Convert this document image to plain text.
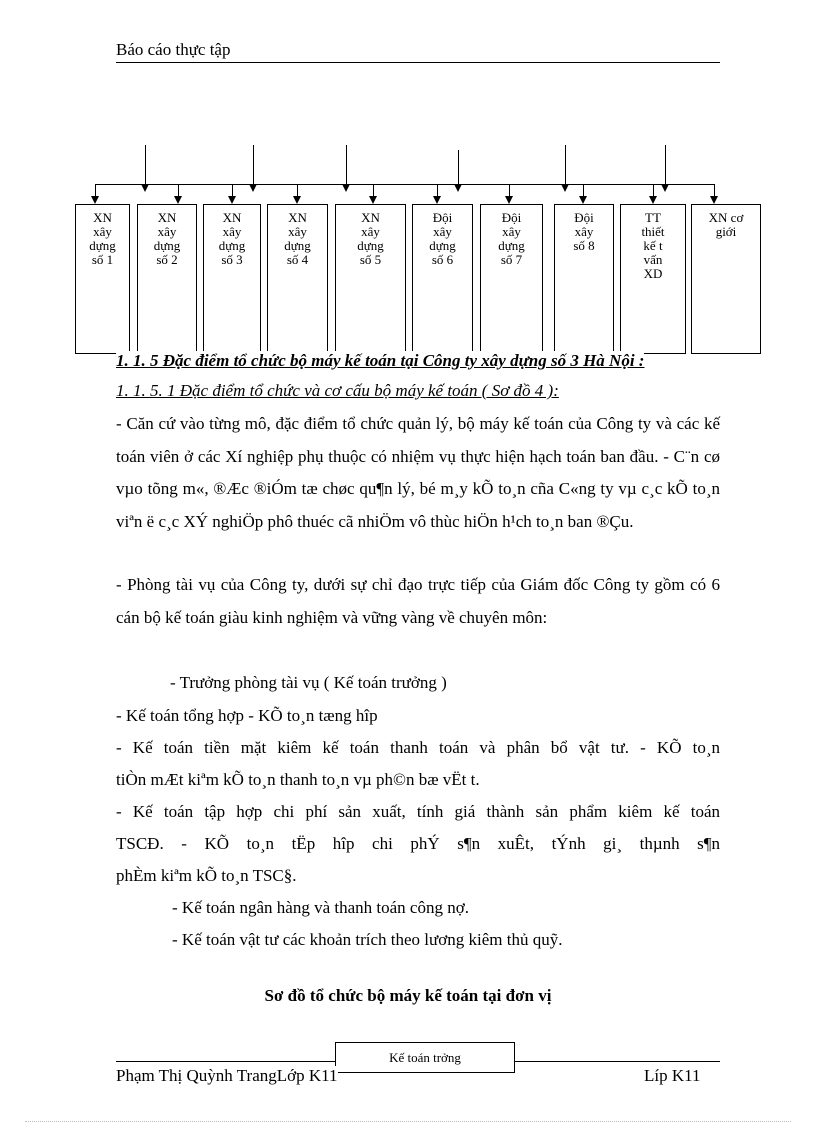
Báo cáo thực tập
XN
xây
dựng
số 1
XN
xây
dựng
số 2
XN
xây
dựng
số 3
XN
xây
dựng
số 4
XN
xây
dựng
số 5
Đội
xây
dựng
số 6
Đội
xây
dựng
số 7
Đội
xây
số 8
TT
thiết
kế t
vấn
XD
XN cơ
giới
1. 1. 5 Đặc điểm tổ chức bộ máy kế toán tại Công ty xây dựng số 3 Hà Nội :
1. 1. 5. 1 Đặc điểm tổ chức và cơ cấu bộ máy kế toán ( Sơ đồ 4 ):
- Căn cứ vào từng mô, đặc điểm tổ chức quản lý, bộ máy kế toán của Công ty và các kế toán viên ở các Xí nghiệp phụ thuộc có nhiệm vụ thực hiện hạch toán ban đầu. - C¨n cø vµo tõng m«, ®Æc ®iÓm tæ chøc qu¶n lý, bé m¸y kÕ to¸n cña C«ng ty vµ c¸c kÕ to¸n viªn ë c¸c XÝ nghiÖp phô thuéc cã nhiÖm vô thùc hiÖn h¹ch to¸n ban ®Çu.
- Phòng tài vụ của Công ty, dưới sự chỉ đạo trực tiếp của Giám đốc Công ty gồm có 6 cán bộ kế toán giàu kinh nghiệm và vững vàng về chuyên môn:
- Trưởng phòng tài vụ ( Kế toán trưởng )
- Kế toán tổng hợp - KÕ to¸n tæng hîp
- Kế toán tiền mặt kiêm kế toán thanh toán và phân bổ vật tư. - KÕ to¸n
tiÒn mÆt kiªm kÕ to¸n thanh to¸n vµ ph©n bæ vËt t.
- Kế toán tập hợp chi phí sản xuất, tính giá thành sản phẩm kiêm kế toán
TSCĐ. - KÕ to¸n tËp hîp chi phÝ s¶n xuÊt, tÝnh gi¸ thµnh s¶n
phÈm kiªm kÕ to¸n TSC§.
- Kế toán ngân hàng và thanh toán công nợ.
- Kế toán vật tư các khoản trích theo lương kiêm thủ quỹ.
Sơ đồ tổ chức bộ máy kế toán tại đơn vị
Kế toán trởng
Phạm Thị Quỳnh TrangLớp K11	Líp K11
